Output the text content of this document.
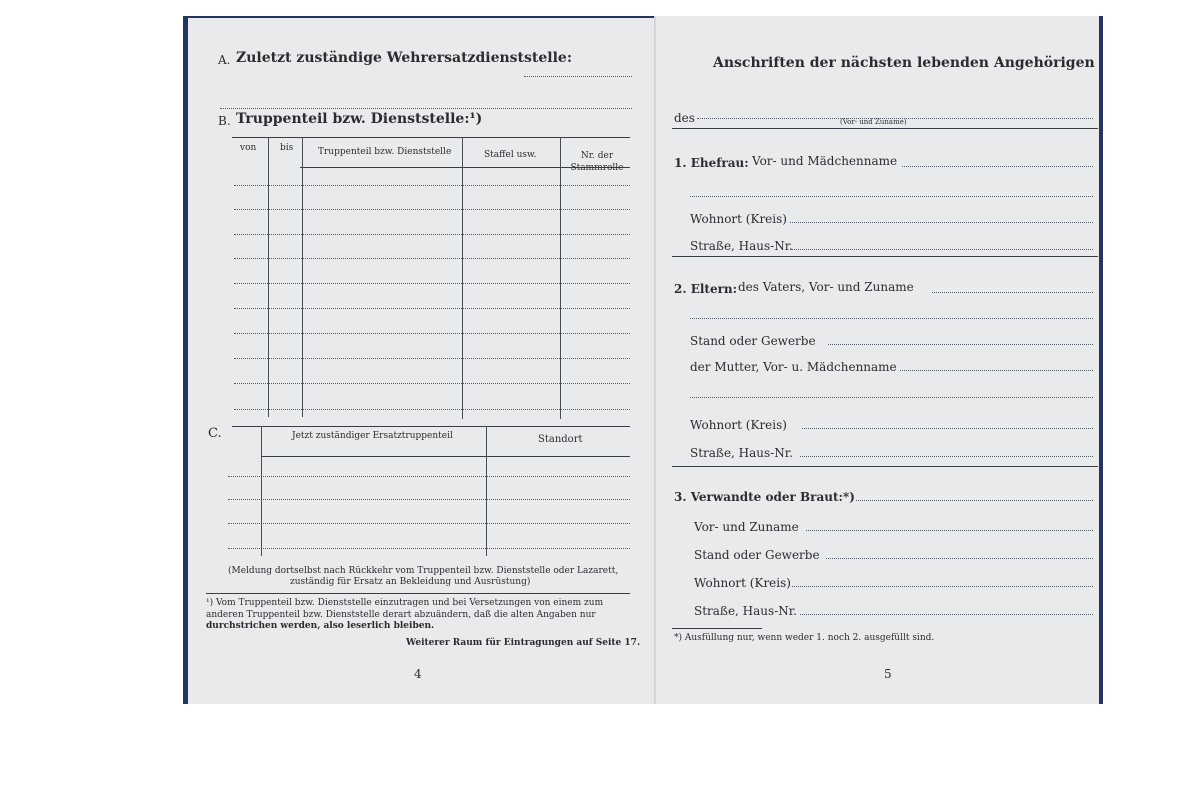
A. Zuletzt zuständige Wehrersatzdienststelle:
B. Truppenteil bzw. Dienststelle:¹)
von	bis	Truppenteil bzw. Dienststelle	Staffel usw.	Nr. der Stammrolle
C.	Jetzt zuständiger Ersatztruppenteil	Standort
(Meldung dortselbst nach Rückkehr vom Truppenteil bzw. Dienststelle oder Lazarett,
zuständig für Ersatz an Bekleidung und Ausrüstung)
¹) Vom Truppenteil bzw. Dienststelle einzutragen und bei Versetzungen von einem zum
anderen Truppenteil bzw. Dienststelle derart abzuändern, daß die alten Angaben nur
durchstrichen werden, also leserlich bleiben.
Weiterer Raum für Eintragungen auf Seite 17.
4
Anschriften der nächsten lebenden Angehörigen
des	(Vor- und Zuname)
1. Ehefrau: Vor- und Mädchenname
Wohnort (Kreis)
Straße, Haus-Nr.
2. Eltern: des Vaters, Vor- und Zuname
Stand oder Gewerbe
der Mutter, Vor- u. Mädchenname
Wohnort (Kreis)
Straße, Haus-Nr.
3. Verwandte oder Braut:*)
Vor- und Zuname
Stand oder Gewerbe
Wohnort (Kreis)
Straße, Haus-Nr.
*) Ausfüllung nur, wenn weder 1. noch 2. ausgefüllt sind.
5
